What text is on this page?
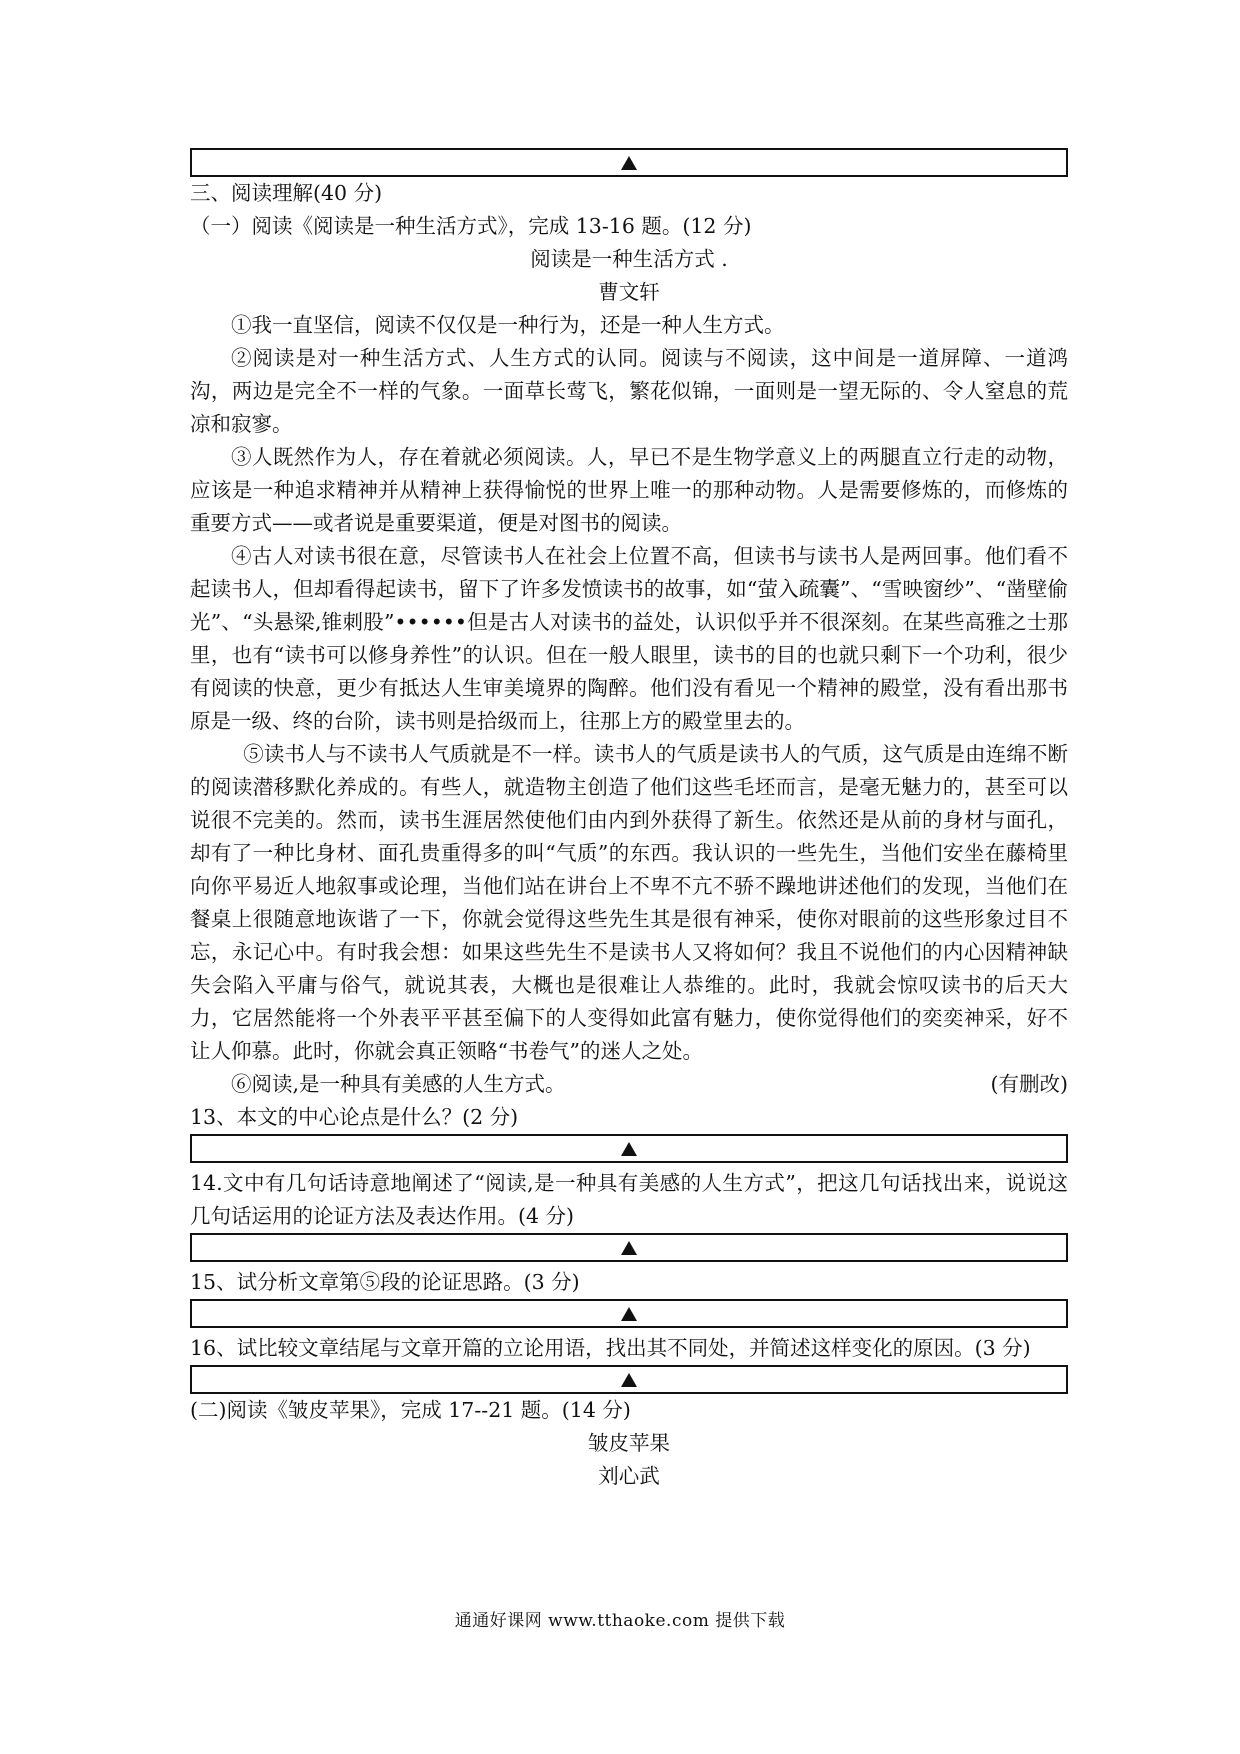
三、阅读理解(40 分)
（一）阅读《阅读是一种生活方式》，完成 13-16 题。(12 分)
阅读是一种生活方式 .
曹文轩
①我一直坚信，阅读不仅仅是一种行为，还是一种人生方式。
②阅读是对一种生活方式、人生方式的认同。阅读与不阅读，这中间是一道屏障、一道鸿沟，两边是完全不一样的气象。一面草长莺飞，繁花似锦，一面则是一望无际的、令人窒息的荒凉和寂寥。
③人既然作为人，存在着就必须阅读。人，早已不是生物学意义上的两腿直立行走的动物，应该是一种追求精神并从精神上获得愉悦的世界上唯一的那种动物。人是需要修炼的，而修炼的重要方式——或者说是重要渠道，便是对图书的阅读。
④古人对读书很在意，尽管读书人在社会上位置不高，但读书与读书人是两回事。他们看不起读书人，但却看得起读书，留下了许多发愤读书的故事，如“萤入疏囊”、“雪映窗纱”、“凿壁偷光”、“头悬梁,锥刺股”••••••但是古人对读书的益处，认识似乎并不很深刻。在某些高雅之士那里，也有“读书可以修身养性”的认识。但在一般人眼里，读书的目的也就只剩下一个功利，很少有阅读的快意，更少有抵达人生审美境界的陶醉。他们没有看见一个精神的殿堂，没有看出那书原是一级、终的台阶，读书则是拾级而上，往那上方的殿堂里去的。
⑤读书人与不读书人气质就是不一样。读书人的气质是读书人的气质，这气质是由连绵不断的阅读潜移默化养成的。有些人，就造物主创造了他们这些毛坯而言，是毫无魅力的，甚至可以说很不完美的。然而，读书生涯居然使他们由内到外获得了新生。依然还是从前的身材与面孔，却有了一种比身材、面孔贵重得多的叫“气质”的东西。我认识的一些先生，当他们安坐在藤椅里向你平易近人地叙事或论理，当他们站在讲台上不卑不亢不骄不躁地讲述他们的发现，当他们在餐桌上很随意地诙谐了一下，你就会觉得这些先生其是很有神采，使你对眼前的这些形象过目不忘，永记心中。有时我会想：如果这些先生不是读书人又将如何？我且不说他们的内心因精神缺失会陷入平庸与俗气，就说其表，大概也是很难让人恭维的。此时，我就会惊叹读书的后天大力，它居然能将一个外表平平甚至偏下的人变得如此富有魅力，使你觉得他们的奕奕神采，好不让人仰慕。此时，你就会真正领略“书卷气”的迷人之处。
⑥阅读,是一种具有美感的人生方式。	(有删改)
13、本文的中心论点是什么？(2 分)
14.文中有几句话诗意地阐述了“阅读,是一种具有美感的人生方式”，把这几句话找出来，说说这几句话运用的论证方法及表达作用。(4 分)
15、试分析文章第⑤段的论证思路。(3 分)
16、试比较文章结尾与文章开篇的立论用语，找出其不同处，并简述这样变化的原因。(3 分)
(二)阅读《皱皮苹果》，完成 17--21 题。(14 分)
皱皮苹果
刘心武
通通好课网 www.tthaoke.com 提供下载
